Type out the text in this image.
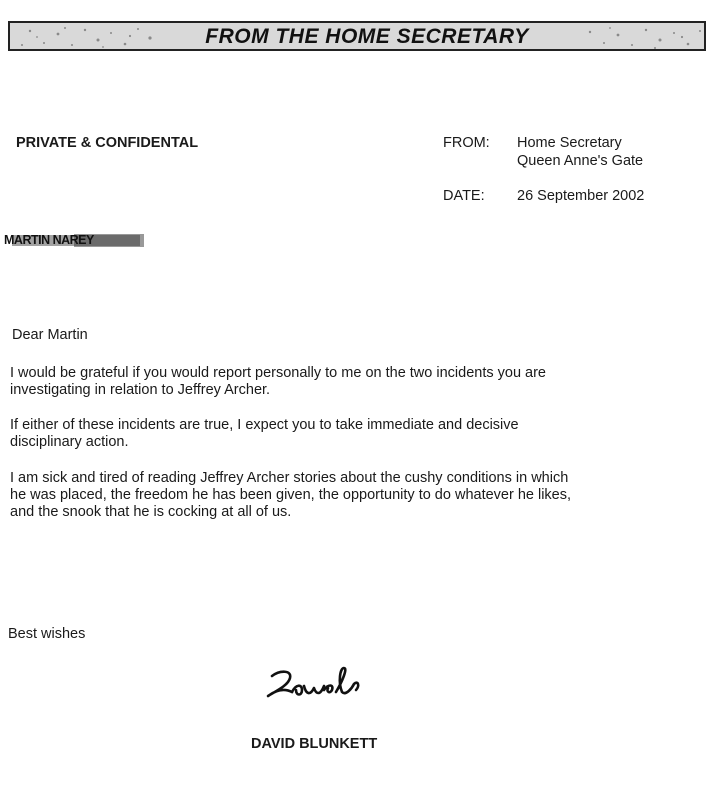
FROM THE HOME SECRETARY
PRIVATE & CONFIDENTAL	FROM: Home Secretary
Queen Anne's Gate
DATE: 26 September 2002
MARTIN NAREY
Dear Martin
I would be grateful if you would report personally to me on the two incidents you are
investigating in relation to Jeffrey Archer.
If either of these incidents are true, I expect you to take immediate and decisive
disciplinary action.
I am sick and tired of reading Jeffrey Archer stories about the cushy conditions in which
he was placed, the freedom he has been given, the opportunity to do whatever he likes,
and the snook that he is cocking at all of us.
Best wishes
DAVID BLUNKETT
